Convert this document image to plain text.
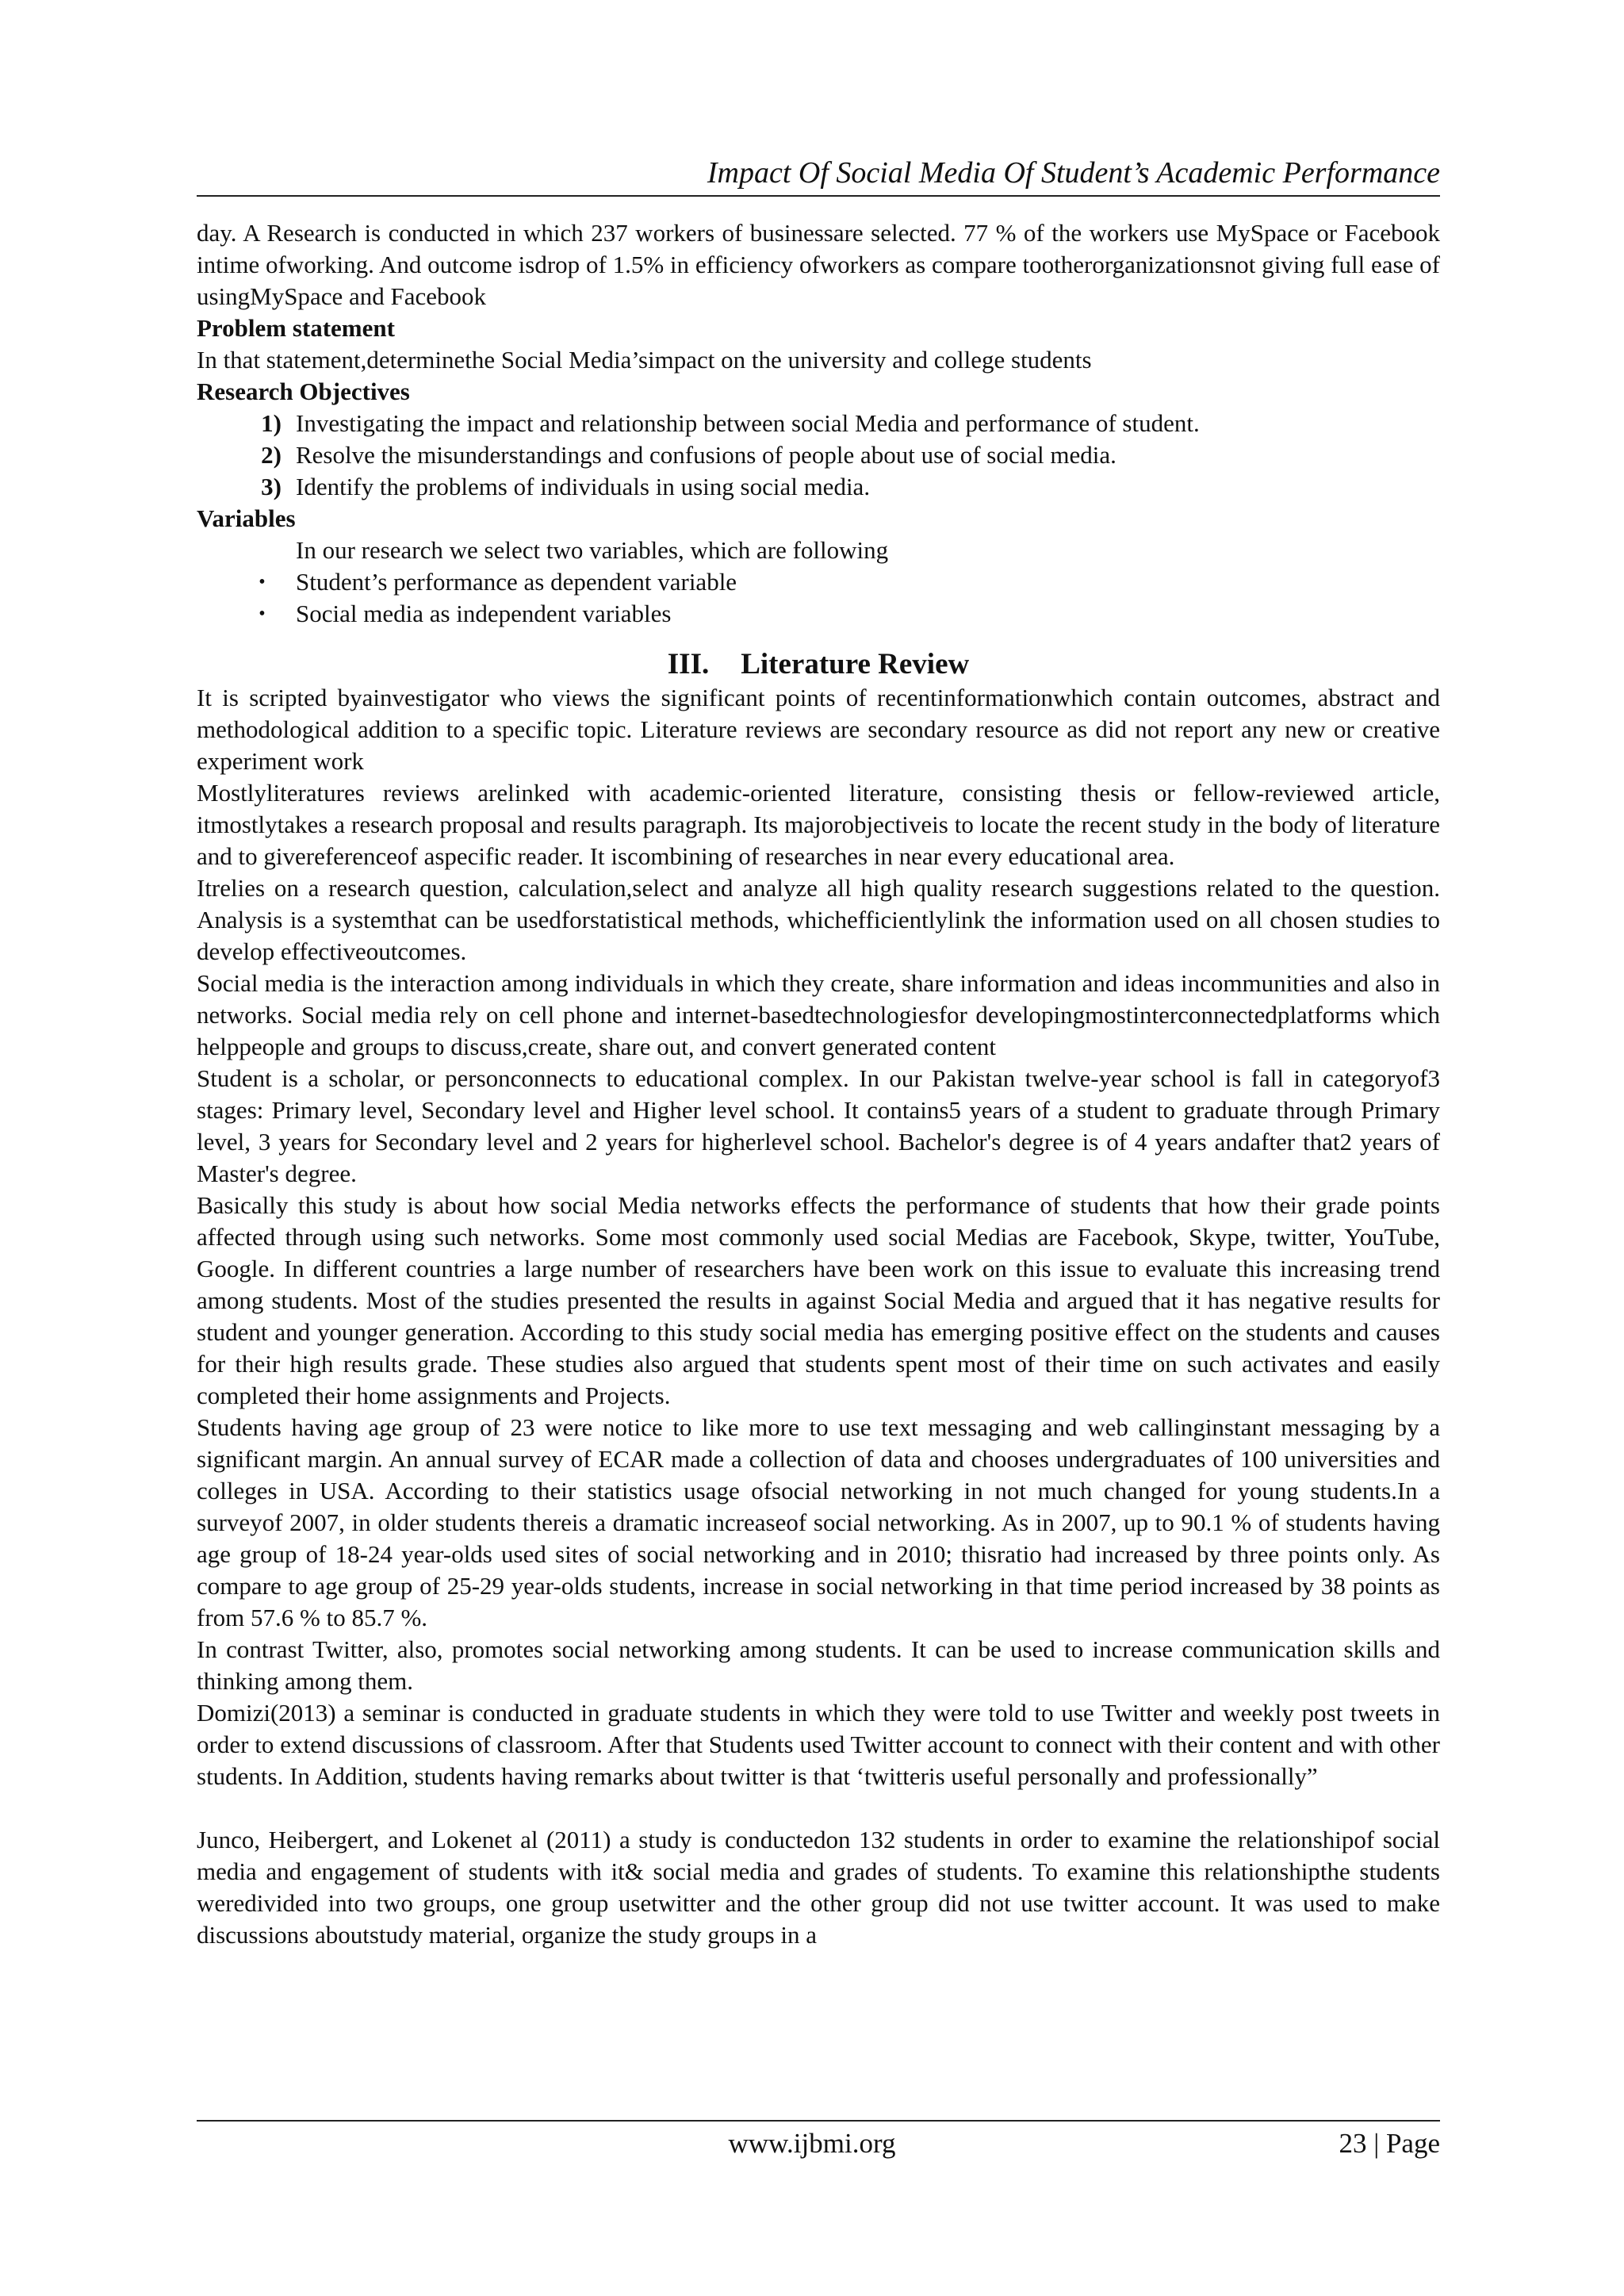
Impact Of Social Media Of Student’s Academic Performance

day. A Research is conducted in which 237 workers of businessare selected. 77 % of the workers use MySpace or Facebook intime ofworking. And outcome isdrop of 1.5% in efficiency ofworkers as compare tootherorganizationsnot giving full ease of usingMySpace and Facebook

Problem statement

In that statement,determinethe Social Media’simpact on the university and college students

Research Objectives
1) Investigating the impact and relationship between social Media and performance of student.
2) Resolve the misunderstandings and confusions of people about use of social media.
3) Identify the problems of individuals in using social media.
Variables

In our research we select two variables, which are following

•	Student’s performance as dependent variable
•	Social media as independent variables
III. Literature Review

It is scripted byainvestigator who views the significant points of recentinformationwhich contain outcomes, abstract and methodological addition to a specific topic. Literature reviews are secondary resource as did not report any new or creative experiment work

Mostlyliteratures reviews arelinked with academic-oriented literature, consisting thesis or fellow-reviewed article, itmostlytakes a research proposal and results paragraph. Its majorobjectiveis to locate the recent study in the body of literature and to givereferenceof aspecific reader. It iscombining of researches in near every educational area.

Itrelies on a research question, calculation,select and analyze all high quality research suggestions related to the question. Analysis is a systemthat can be usedforstatistical methods, whichefficientlylink the information used on all chosen studies to develop effectiveoutcomes.

Social media is the interaction among individuals in which they create, share information and ideas incommunities and also in networks. Social media rely on cell phone and internet-basedtechnologiesfor developingmostinterconnectedplatforms which helppeople and groups to discuss,create, share out, and convert generated content

Student is a scholar, or personconnects to educational complex. In our Pakistan twelve-year school is fall in categoryof3 stages: Primary level, Secondary level and Higher level school. It contains5 years of a student to graduate through Primary level, 3 years for Secondary level and 2 years for higherlevel school. Bachelor's degree is of 4 years andafter that2 years of Master's degree.

Basically this study is about how social Media networks effects the performance of students that how their grade points affected through using such networks. Some most commonly used social Medias are Facebook, Skype, twitter, YouTube, Google. In different countries a large number of researchers have been work on this issue to evaluate this increasing trend among students. Most of the studies presented the results in against Social Media and argued that it has negative results for student and younger generation. According to this study social media has emerging positive effect on the students and causes for their high results grade. These studies also argued that students spent most of their time on such activates and easily completed their home assignments and Projects.

Students having age group of 23 were notice to like more to use text messaging and web callinginstant messaging by a significant margin. An annual survey of ECAR made a collection of data and chooses undergraduates of 100 universities and colleges in USA. According to their statistics usage ofsocial networking in not much changed for young students.In a surveyof 2007, in older students thereis a dramatic increaseof social networking. As in 2007, up to 90.1 % of students having age group of 18-24 year-olds used sites of social networking and in 2010; thisratio had increased by three points only. As compare to age group of 25-29 year-olds students, increase in social networking in that time period increased by 38 points as from 57.6 % to 85.7 %.

In contrast Twitter, also, promotes social networking among students. It can be used to increase communication skills and thinking among them.

Domizi(2013) a seminar is conducted in graduate students in which they were told to use Twitter and weekly post tweets in order to extend discussions of classroom. After that Students used Twitter account to connect with their content and with other students. In Addition, students having remarks about twitter is that ‘twitteris useful personally and professionally”

Junco, Heibergert, and Lokenet al (2011) a study is conductedon 132 students in order to examine the relationshipof social media and engagement of students with it& social media and grades of students. To examine this relationshipthe students weredivided into two groups, one group usetwitter and the other group did not use twitter account. It was used to make discussions aboutstudy material, organize the study groups in a

www.ijbmi.org	23 | Page
